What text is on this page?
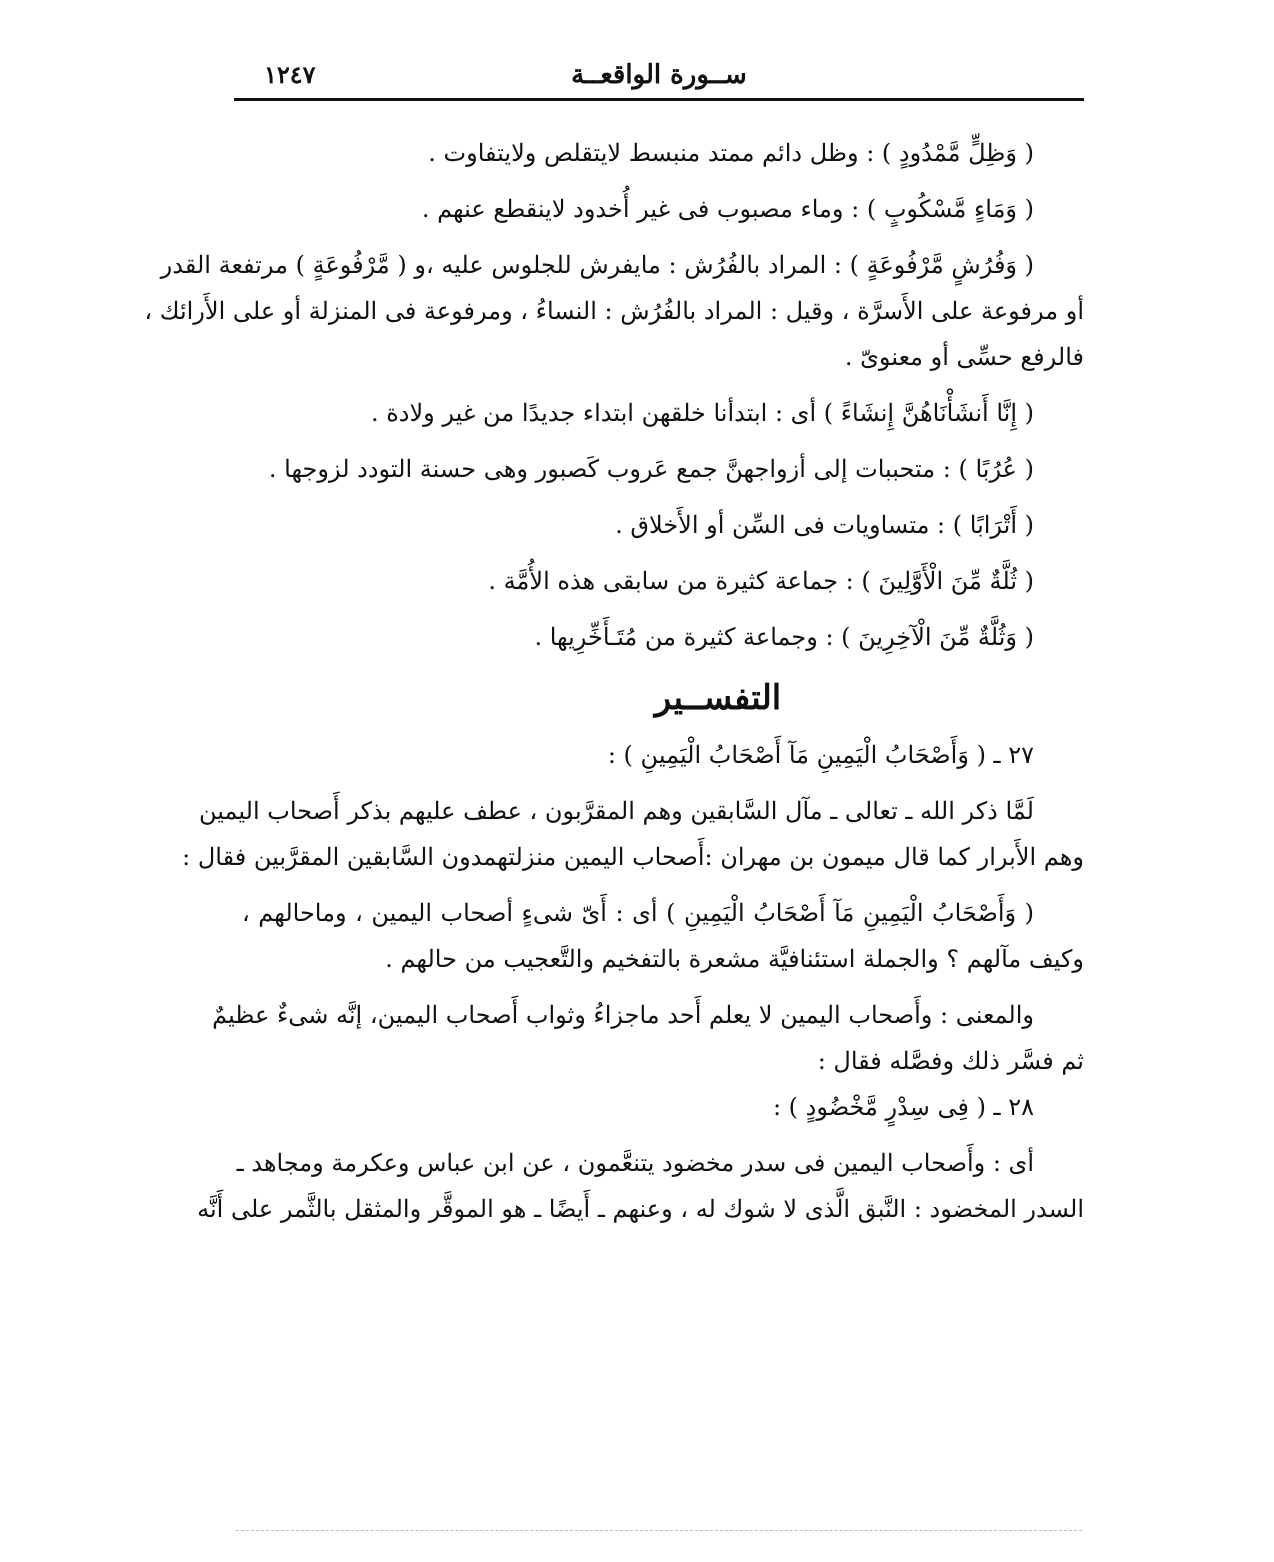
ســورة الواقعــة
١٢٤٧
( وَظِلٍّ مَّمْدُودٍ ) : وظل دائم ممتد منبسط لايتقلص ولايتفاوت .
( وَمَاءٍ مَّسْكُوبٍ ) : وماء مصبوب فى غير أُخدود لاينقطع عنهم .
( وَفُرُشٍ مَّرْفُوعَةٍ ) : المراد بالفُرُش : مايفرش للجلوس عليه ،و ( مَّرْفُوعَةٍ ) مرتفعة القدر
أو مرفوعة على الأَسرَّة ، وقيل : المراد بالفُرُش : النساءُ ، ومرفوعة فى المنزلة أو على الأَرائك ،
فالرفع حسِّى أو معنوىّ .
( إِنَّا أَنشَأْنَاهُنَّ إِنشَاءً ) أى : ابتدأنا خلقهن ابتداء جديدًا من غير ولادة .
( عُرُبًا ) : متحببات إلى أزواجهنَّ جمع عَروب كَصبور وهى حسنة التودد لزوجها .
( أَتْرَابًا ) : متساويات فى السِّن أو الأَخلاق .
( ثُلَّةٌ مِّنَ الْأَوَّلِينَ ) : جماعة كثيرة من سابقى هذه الأُمَّة .
( وَثُلَّةٌ مِّنَ الْآخِرِينَ ) : وجماعة كثيرة من مُتَـأَخِّرِيها .
التفســير
٢٧ ـ ( وَأَصْحَابُ الْيَمِينِ مَآ أَصْحَابُ الْيَمِينِ ) :
لَمَّا ذكر الله ـ تعالى ـ مآل السَّابقين وهم المقرَّبون ، عطف عليهم بذكر أَصحاب اليمين
وهم الأَبرار كما قال ميمون بن مهران :أَصحاب اليمين منزلتهمدون السَّابقين المقرَّبين فقال :
( وَأَصْحَابُ الْيَمِينِ مَآ أَصْحَابُ الْيَمِينِ ) أى : أَىّ شىءٍ أصحاب اليمين ، وماحالهم ،
وكيف مآلهم ؟ والجملة استئنافيَّة مشعرة بالتفخيم والتَّعجيب من حالهم .
والمعنى : وأَصحاب اليمين لا يعلم أَحد ماجزاءُ وثواب أَصحاب اليمين، إنَّه شىءٌ عظيمٌ
ثم فسَّر ذلك وفصَّله فقال :
٢٨ ـ ( فِى سِدْرٍ مَّخْضُودٍ ) :
أى : وأَصحاب اليمين فى سدر مخضود يتنعَّمون ، عن ابن عباس وعكرمة ومجاهد ـ
السدر المخضود : النَّبق الَّذى لا شوك له ، وعنهم ـ أَيضًا ـ هو الموقَّر والمثقل بالثَّمر على أَنَّه
